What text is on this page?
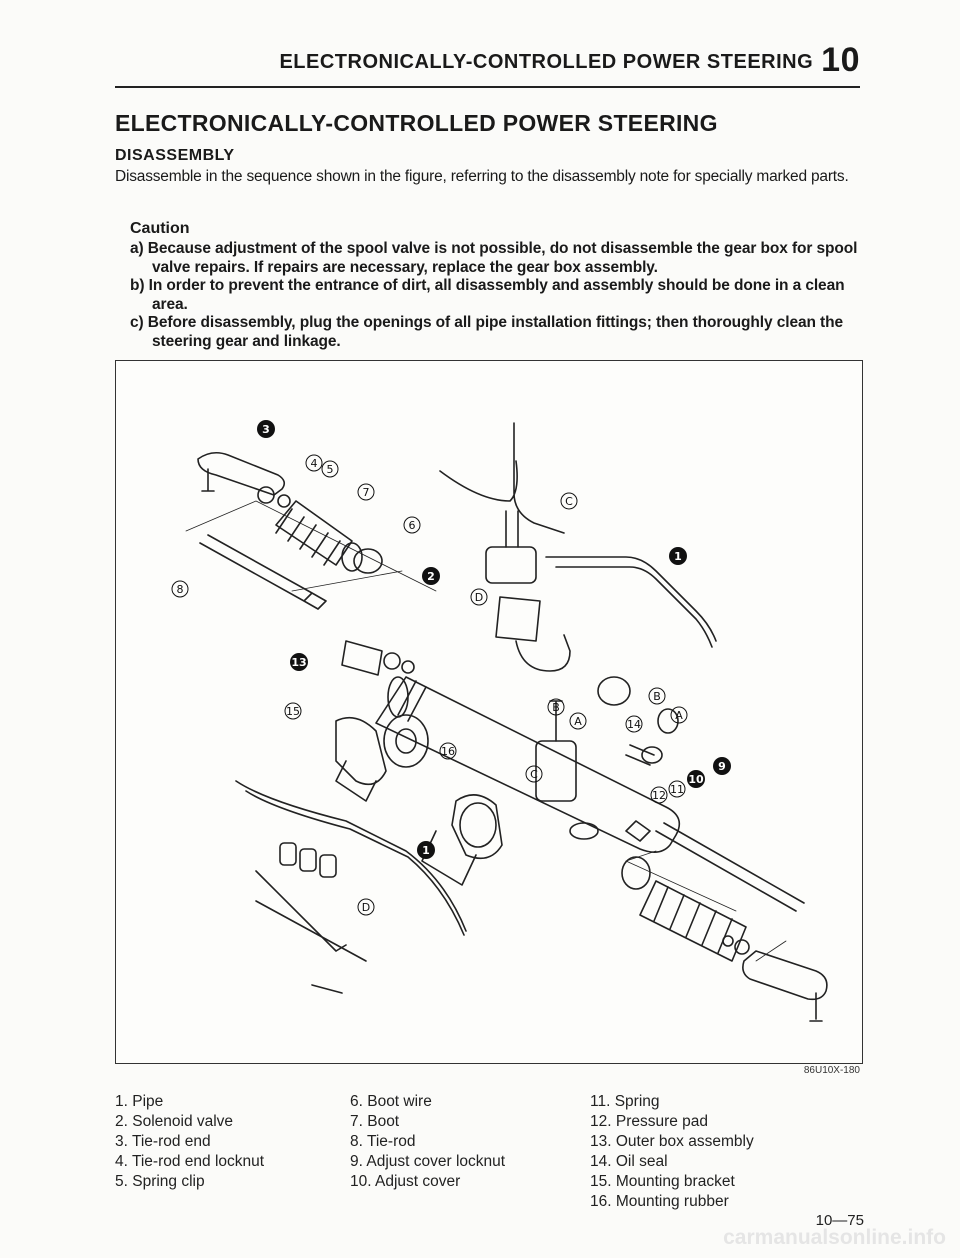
ELECTRONICALLY-CONTROLLED POWER STEERING 10
ELECTRONICALLY-CONTROLLED POWER STEERING
DISASSEMBLY
Disassemble in the sequence shown in the figure, referring to the disassembly note for specially marked parts.
Caution
a) Because adjustment of the spool valve is not possible, do not disassemble the gear box for spool valve repairs. If repairs are necessary, replace the gear box assembly.
b) In order to prevent the entrance of dirt, all disassembly and assembly should be done in a clean area.
c) Before disassembly, plug the openings of all pipe installation fittings; then thoroughly clean the steering gear and linkage.
3
4 5
7
6
8
2
1
C
D
13
B
A
B
A
14
9
10
11
12
15
16
C
1
D
86U10X-180
1. Pipe
2. Solenoid valve
3. Tie-rod end
4. Tie-rod end locknut
5. Spring clip
6. Boot wire
7. Boot
8. Tie-rod
9. Adjust cover locknut
10. Adjust cover
11. Spring
12. Pressure pad
13. Outer box assembly
14. Oil seal
15. Mounting bracket
16. Mounting rubber
10—75
carmanualsonline.info
